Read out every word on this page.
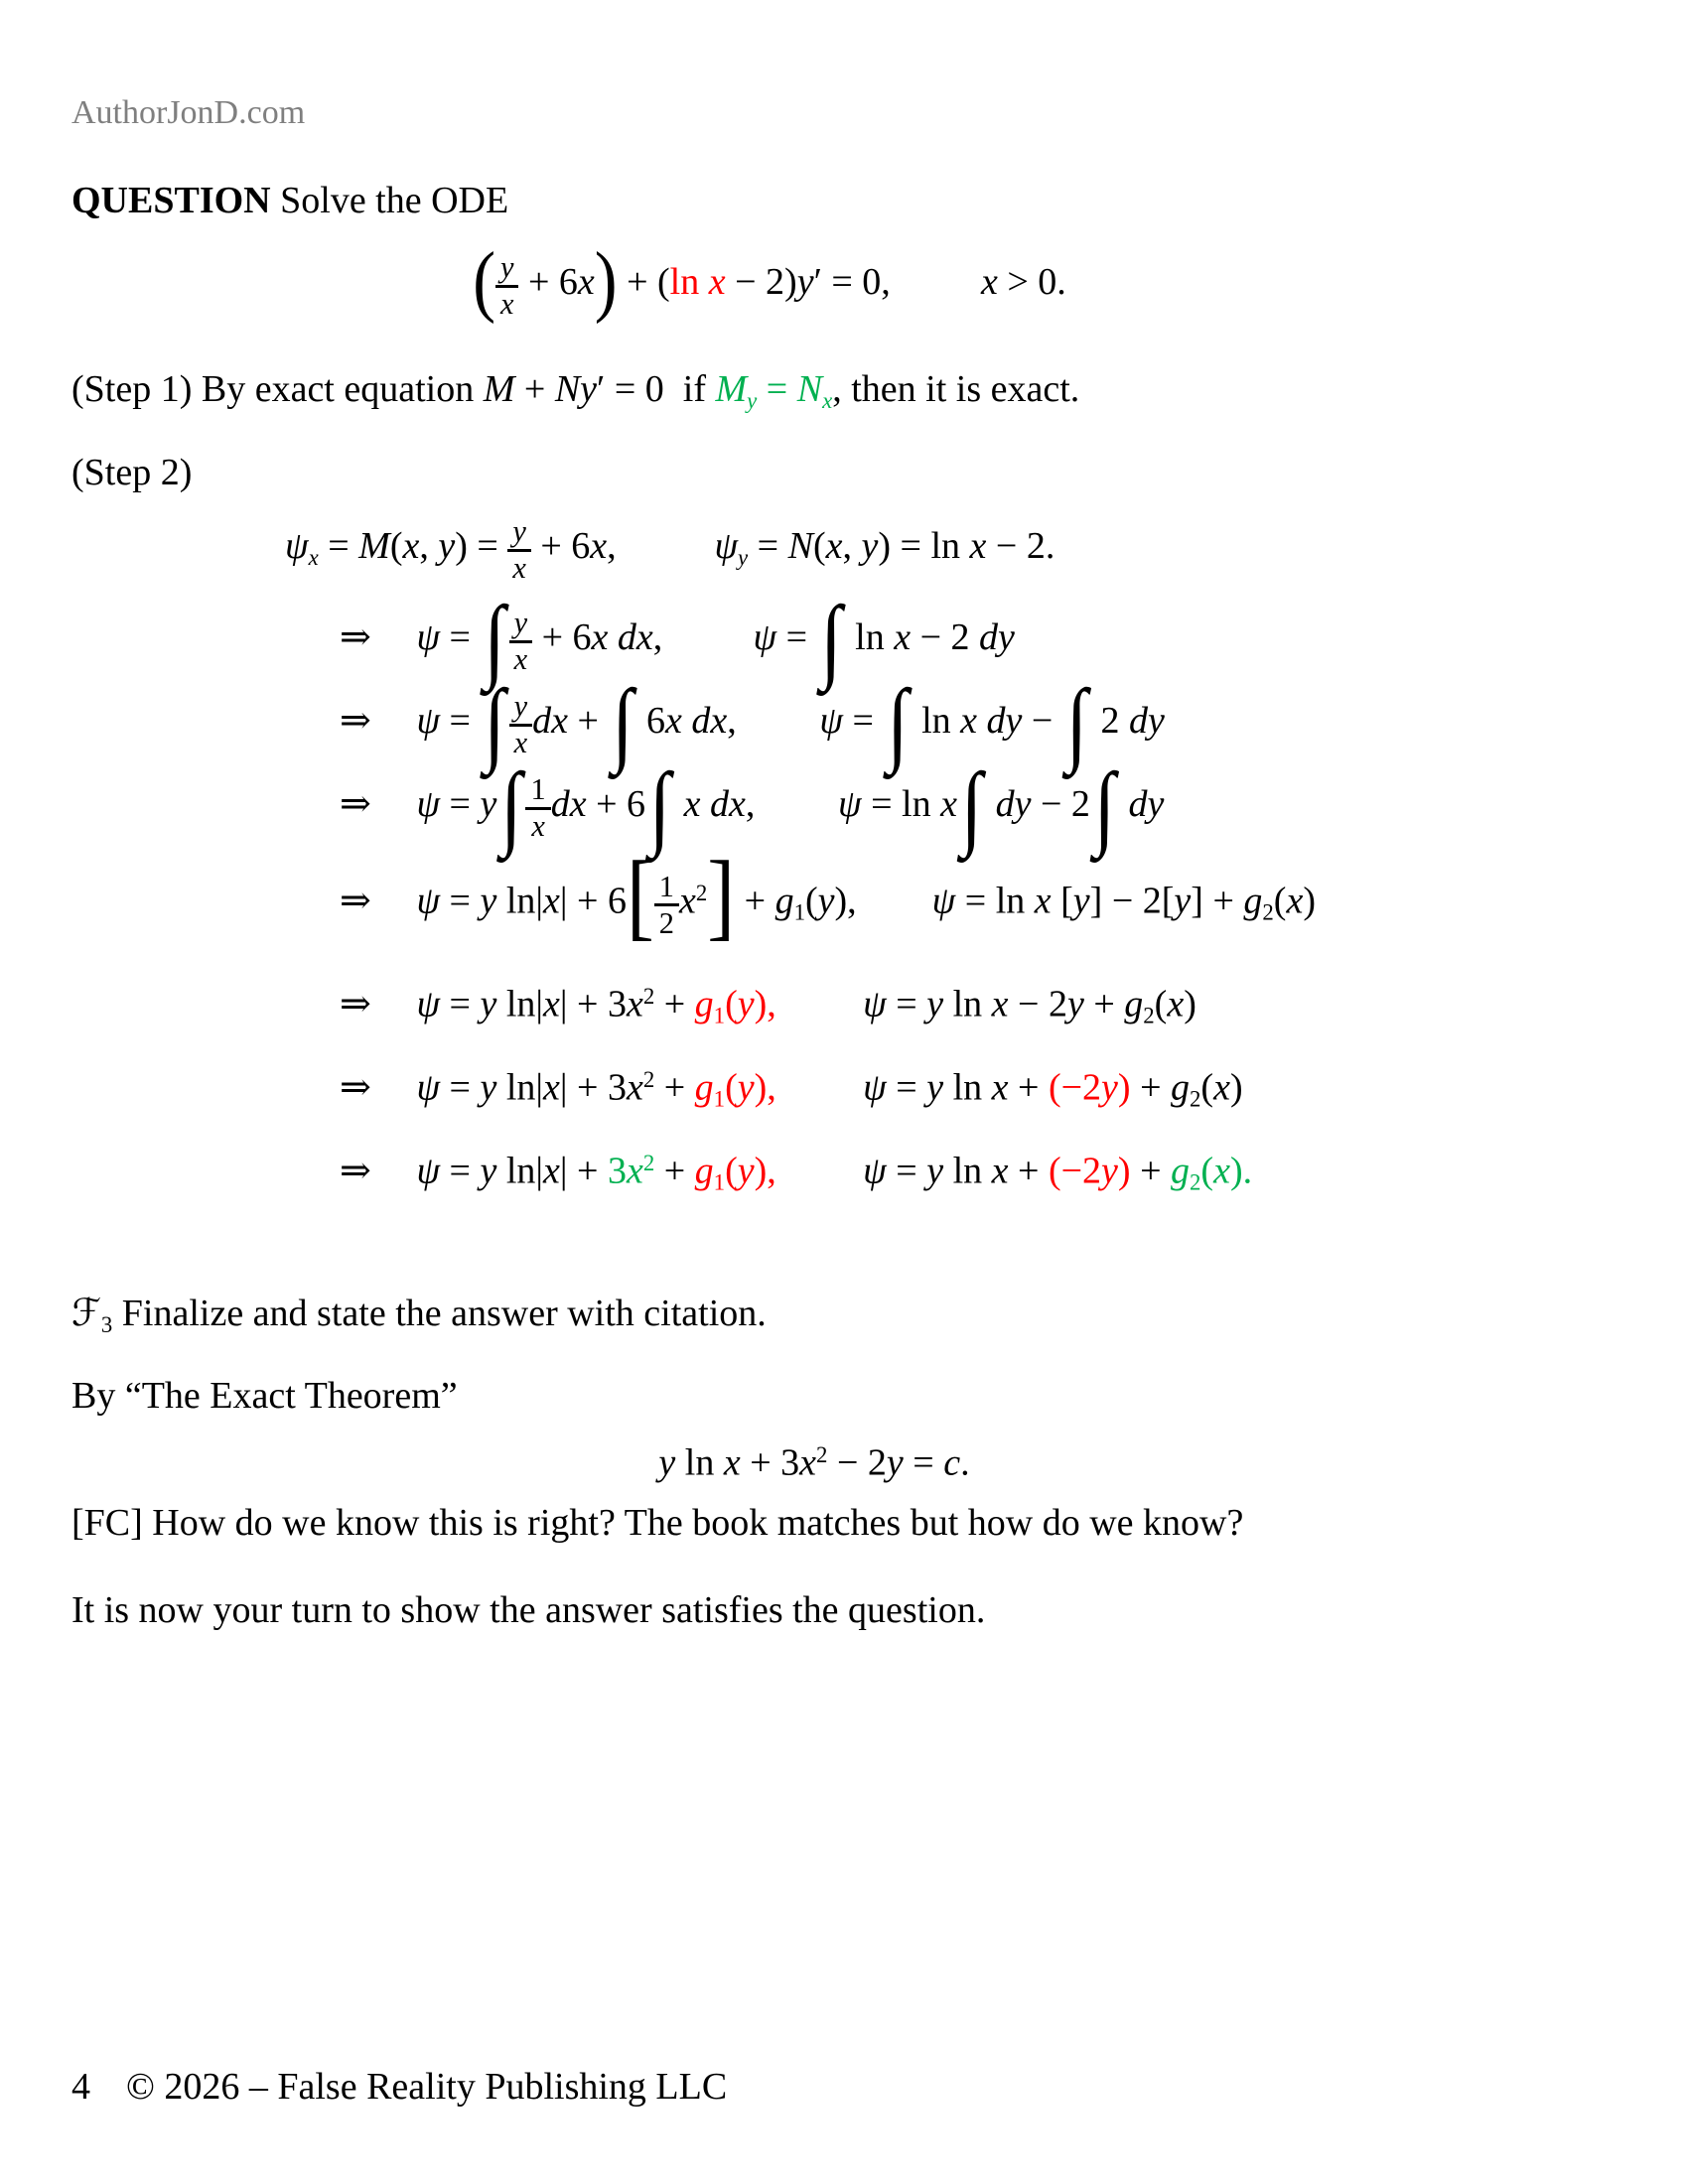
AuthorJonD.com
QUESTION Solve the ODE
( $\frac{y}{x} + 6x) + (\ln$ x − 2)y′ = 0, x > 0.
(Step 1) By exact equation M + Ny′ = 0  if My = Nx, then it is exact.
(Step 2)
ψx = M(x, $y) = \frac{y}{x} + 6x$,	ψy = N(x, y) = ln x − 2.
⇒ ψ = ∫ $\frac{y}{x} + 6x$ dx, ψ = ∫ ln x − 2 dy
⇒ ψ = ∫ $\frac{y}{x}$ dx + ∫ 6x dx, ψ = ∫ ln x dy − ∫ 2 dy
⇒ $\psi = y\int \frac{1}{x}$ dx + 6∫ x dx, ψ = ln x∫ dy − 2∫ dy
⇒ ψ = y $\ln|x| + 6[ \frac{1}{2} x^2] + g1(y)$, ψ = ln x [y] − 2[y] + g2(x)
⇒ ψ = y $\ln|x| + 3x^2 + g1(y)$, ψ = y ln x − 2y + g2(x)
⇒ ψ = y $\ln|x| + 3x^2 + g1(y)$, ψ = y ln x + (−2y) + g2(x)
⇒ ψ = y $\ln|x| + 3x^2 + g1(y)$, ψ = y ln x + (−2y) + g2(x).
ℱ3 Finalize and state the answer with citation.
By “The Exact Theorem”
y $\ln x + 3x^2 - 2y = c$.
[FC] How do we know this is right? The book matches but how do we know?
It is now your turn to show the answer satisfies the question.
4 © 2026 – False Reality Publishing LLC
